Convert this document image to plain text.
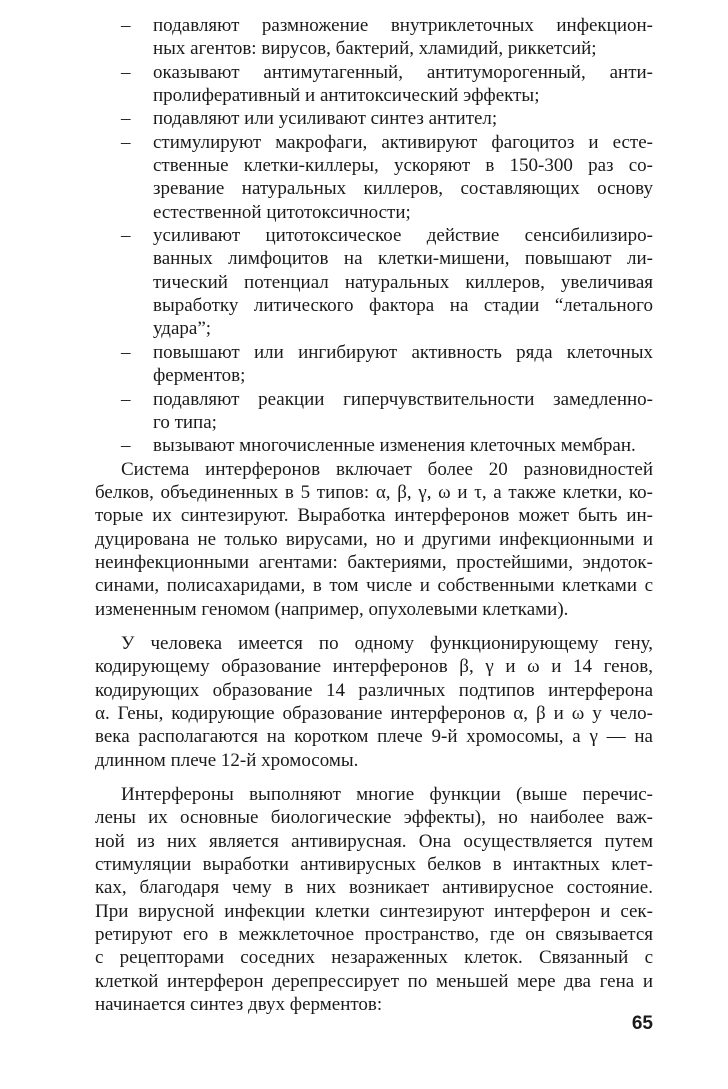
– подавляют размножение внутриклеточных инфекцион-
ных агентов: вирусов, бактерий, хламидий, риккетсий;
– оказывают антимутагенный, антитуморогенный, анти-
пролиферативный и антитоксический эффекты;
– подавляют или усиливают синтез антител;
– стимулируют макрофаги, активируют фагоцитоз и есте-
ственные клетки-киллеры, ускоряют в 150-300 раз со-
зревание натуральных киллеров, составляющих основу
естественной цитотоксичности;
– усиливают цитотоксическое действие сенсибилизиро-
ванных лимфоцитов на клетки-мишени, повышают ли-
тический потенциал натуральных киллеров, увеличивая
выработку литического фактора на стадии “летального
удара”;
– повышают или ингибируют активность ряда клеточных
ферментов;
– подавляют реакции гиперчувствительности замедленно-
го типа;
– вызывают многочисленные изменения клеточных мембран.
Система интерферонов включает более 20 разновидностей
белков, объединенных в 5 типов: α, β, γ, ω и τ, а также клетки, ко-
торые их синтезируют. Выработка интерферонов может быть ин-
дуцирована не только вирусами, но и другими инфекционными и
неинфекционными агентами: бактериями, простейшими, эндоток-
синами, полисахаридами, в том числе и собственными клетками с
измененным геномом (например, опухолевыми клетками).
У человека имеется по одному функционирующему гену,
кодирующему образование интерферонов β, γ и ω и 14 генов,
кодирующих образование 14 различных подтипов интерферона
α. Гены, кодирующие образование интерферонов α, β и ω у чело-
века располагаются на коротком плече 9-й хромосомы, а γ — на
длинном плече 12-й хромосомы.
Интерфероны выполняют многие функции (выше перечис-
лены их основные биологические эффекты), но наиболее важ-
ной из них является антивирусная. Она осуществляется путем
стимуляции выработки антивирусных белков в интактных клет-
ках, благодаря чему в них возникает антивирусное состояние.
При вирусной инфекции клетки синтезируют интерферон и сек-
ретируют его в межклеточное пространство, где он связывается
с рецепторами соседних незараженных клеток. Связанный с
клеткой интерферон дерепрессирует по меньшей мере два гена и
начинается синтез двух ферментов:
65
